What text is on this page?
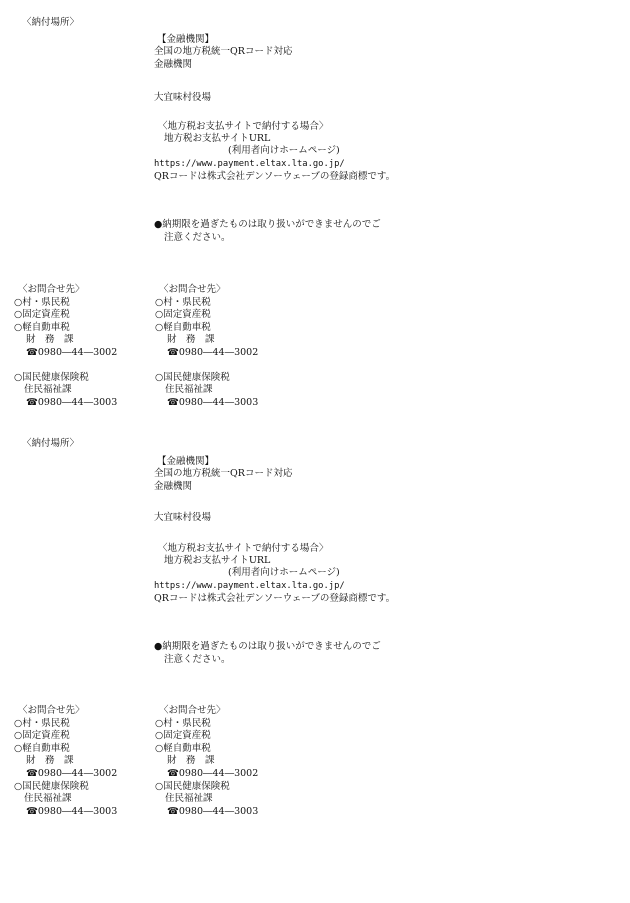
〈納付場所〉
【金融機関】
全国の地方税統一QRコード対応
金融機関
大宜味村役場
〈地方税お支払サイトで納付する場合〉
地方税お支払サイトURL
(利用者向けホームページ)
https://www.payment.eltax.lta.go.jp/
QRコードは株式会社デンソーウェーブの登録商標です。
●納期限を過ぎたものは取り扱いができませんのでご
注意ください。
〈お問合せ先〉
○村・県民税
○固定資産税
○軽自動車税
財　務　課
☎0980―44―3002
○国民健康保険税
住民福祉課
☎0980―44―3003
〈お問合せ先〉
○村・県民税
○固定資産税
○軽自動車税
財　務　課
☎0980―44―3002
○国民健康保険税
住民福祉課
☎0980―44―3003
〈納付場所〉
【金融機関】
全国の地方税統一QRコード対応
金融機関
大宜味村役場
〈地方税お支払サイトで納付する場合〉
地方税お支払サイトURL
(利用者向けホームページ)
https://www.payment.eltax.lta.go.jp/
QRコードは株式会社デンソーウェーブの登録商標です。
●納期限を過ぎたものは取り扱いができませんのでご
注意ください。
〈お問合せ先〉
○村・県民税
○固定資産税
○軽自動車税
財　務　課
☎0980―44―3002
○国民健康保険税
住民福祉課
☎0980―44―3003
〈お問合せ先〉
○村・県民税
○固定資産税
○軽自動車税
財　務　課
☎0980―44―3002
○国民健康保険税
住民福祉課
☎0980―44―3003
